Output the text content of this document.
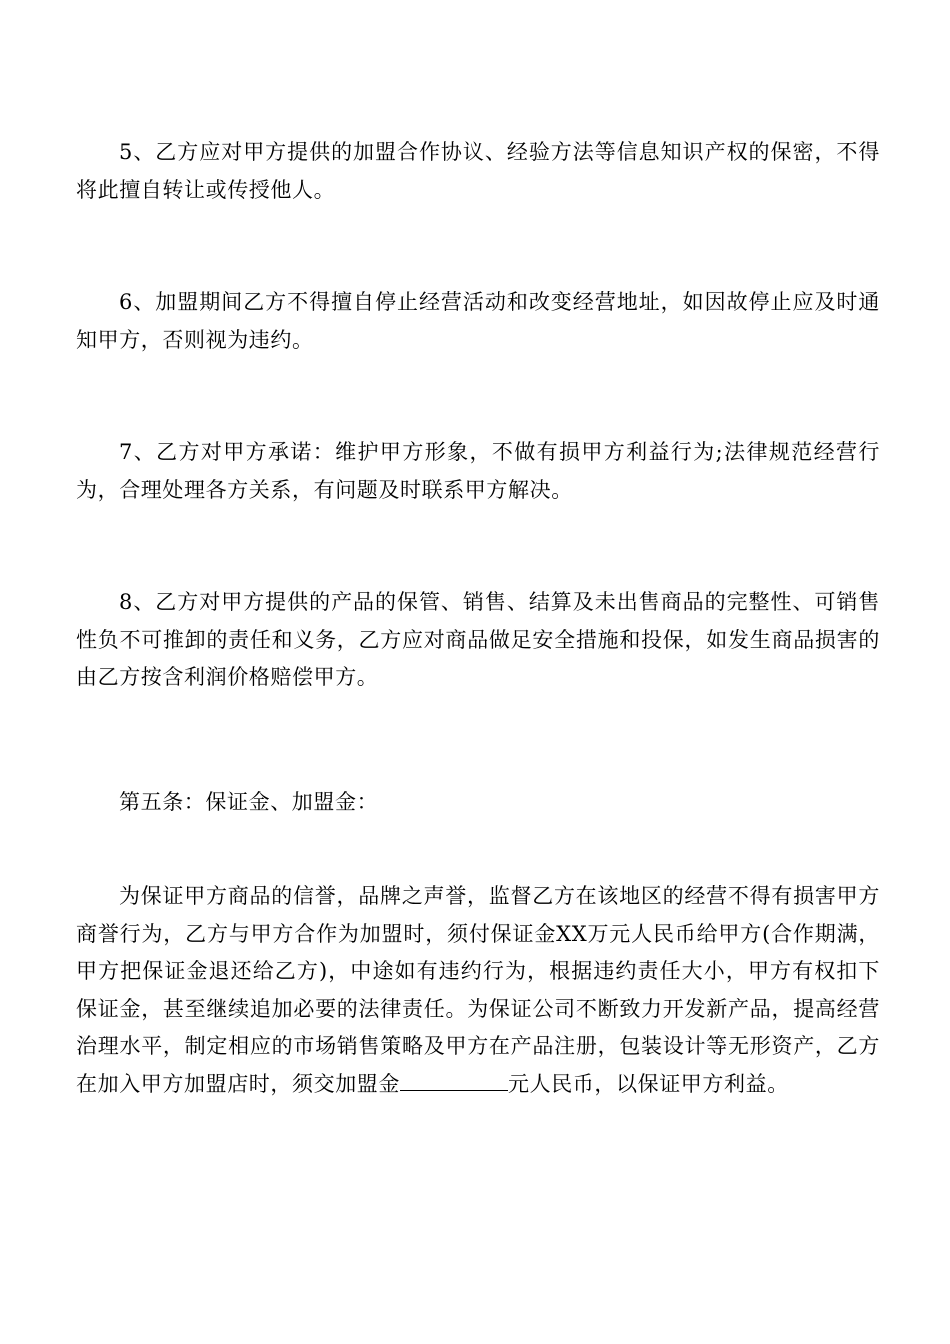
5、乙方应对甲方提供的加盟合作协议、经验方法等信息知识产权的保密，不得将此擅自转让或传授他人。

6、加盟期间乙方不得擅自停止经营活动和改变经营地址，如因故停止应及时通知甲方，否则视为违约。

7、乙方对甲方承诺：维护甲方形象，不做有损甲方利益行为;法律规范经营行为，合理处理各方关系，有问题及时联系甲方解决。

8、乙方对甲方提供的产品的保管、销售、结算及未出售商品的完整性、可销售性负不可推卸的责任和义务，乙方应对商品做足安全措施和投保，如发生商品损害的由乙方按含利润价格赔偿甲方。

第五条：保证金、加盟金：

为保证甲方商品的信誉，品牌之声誉，监督乙方在该地区的经营不得有损害甲方商誉行为，乙方与甲方合作为加盟时，须付保证金XX万元人民币给甲方(合作期满，甲方把保证金退还给乙方)，中途如有违约行为，根据违约责任大小，甲方有权扣下保证金，甚至继续追加必要的法律责任。为保证公司不断致力开发新产品，提高经营治理水平，制定相应的市场销售策略及甲方在产品注册，包装设计等无形资产，乙方在加入甲方加盟店时，须交加盟金	元人民币，以保证甲方利益。
